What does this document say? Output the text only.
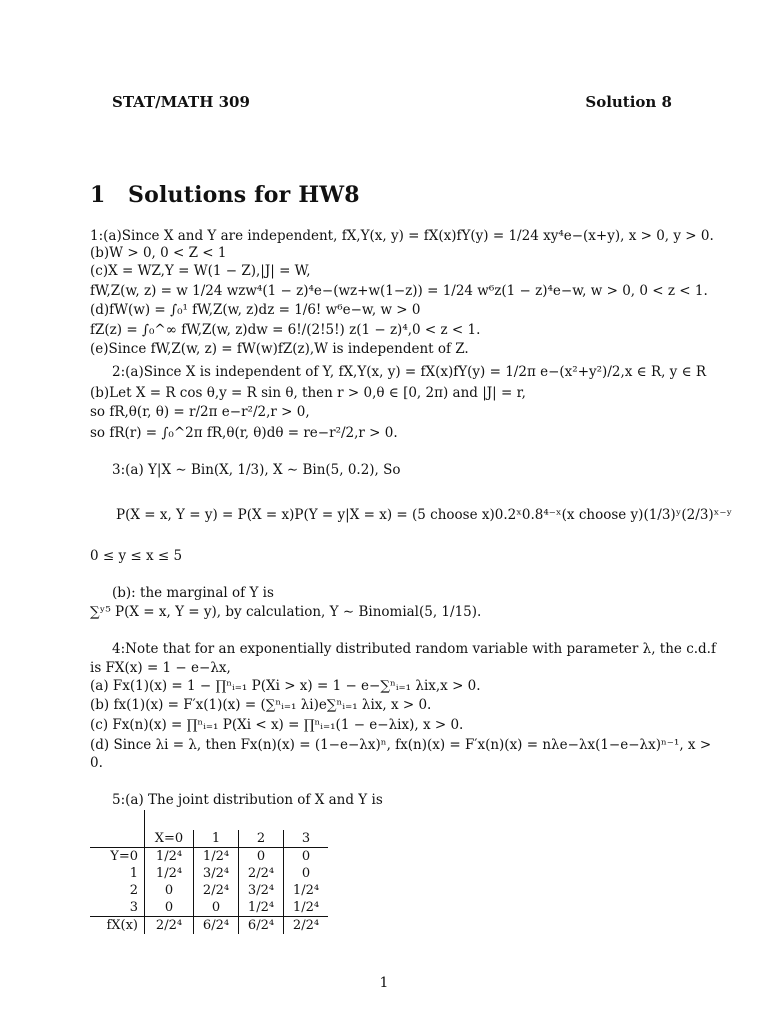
STAT/MATH 309	Solution 8
1 Solutions for HW8
1:(a)Since X and Y are independent, fX,Y(x, y) = fX(x)fY(y) = 1/24 xy⁴e−(x+y), x > 0, y > 0.
(b)W > 0, 0 < Z < 1
(c)X = WZ,Y = W(1 − Z),|J| = W,
fW,Z(w, z) = w 1/24 wzw⁴(1 − z)⁴e−(wz+w(1−z)) = 1/24 w⁶z(1 − z)⁴e−w, w > 0, 0 < z < 1.
(d)fW(w) = ∫₀¹ fW,Z(w, z)dz = 1/6! w⁶e−w, w > 0
fZ(z) = ∫₀^∞ fW,Z(w, z)dw = 6!/(2!5!) z(1 − z)⁴,0 < z < 1.
(e)Since fW,Z(w, z) = fW(w)fZ(z),W is independent of Z.
2:(a)Since X is independent of Y, fX,Y(x, y) = fX(x)fY(y) = 1/2π e−(x²+y²)/2,x ∈ R, y ∈ R
(b)Let X = R cos θ,y = R sin θ, then r > 0,θ ∈ [0, 2π) and |J| = r,
so fR,θ(r, θ) = r/2π e−r²/2,r > 0,
so fR(r) = ∫₀^2π fR,θ(r, θ)dθ = re−r²/2,r > 0.
3:(a) Y|X ∼ Bin(X, 1/3), X ∼ Bin(5, 0.2), So
P(X = x, Y = y) = P(X = x)P(Y = y|X = x) = (5 choose x)0.2ˣ0.8⁴⁻ˣ(x choose y)(1/3)ʸ(2/3)ˣ⁻ʸ
0 ≤ y ≤ x ≤ 5
(b): the marginal of Y is
∑ʸ⁵ P(X = x, Y = y), by calculation, Y ∼ Binomial(5, 1/15).
4:Note that for an exponentially distributed random variable with parameter λ, the c.d.f
is FX(x) = 1 − e−λx,
(a) Fx(1)(x) = 1 − ∏ⁿᵢ₌₁ P(Xi > x) = 1 − e−∑ⁿᵢ₌₁ λix,x > 0.
(b) fx(1)(x) = F′x(1)(x) = (∑ⁿᵢ₌₁ λi)e∑ⁿᵢ₌₁ λix, x > 0.
(c) Fx(n)(x) = ∏ⁿᵢ₌₁ P(Xi < x) = ∏ⁿᵢ₌₁(1 − e−λix), x > 0.
(d) Since λi = λ, then Fx(n)(x) = (1−e−λx)ⁿ, fx(n)(x) = F′x(n)(x) = nλe−λx(1−e−λx)ⁿ⁻¹, x >
0.
5:(a) The joint distribution of X and Y is

	X=0	1	2	3
Y=0	1/2⁴	1/2⁴	0	0
1	1/2⁴	3/2⁴	2/2⁴	0
2	0	2/2⁴	3/2⁴	1/2⁴
3	0	0	1/2⁴	1/2⁴
fX(x)	2/2⁴	6/2⁴	6/2⁴	2/2⁴
1
